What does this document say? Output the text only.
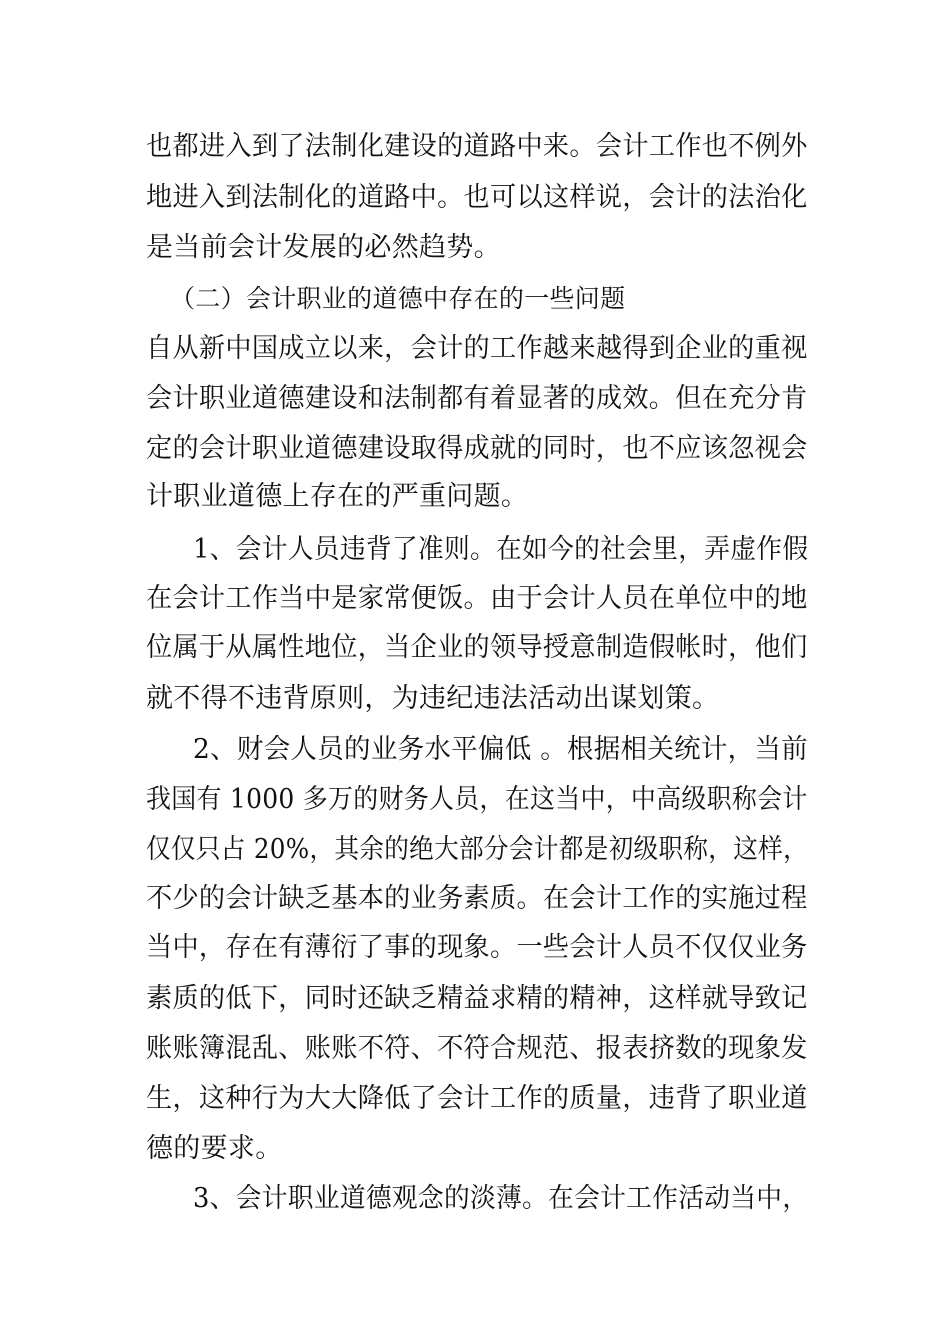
也都进入到了法制化建设的道路中来。会计工作也不例外
地进入到法制化的道路中。也可以这样说，会计的法治化
是当前会计发展的必然趋势。
（二）会计职业的道德中存在的一些问题
自从新中国成立以来，会计的工作越来越得到企业的重视
会计职业道德建设和法制都有着显著的成效。但在充分肯
定的会计职业道德建设取得成就的同时，也不应该忽视会
计职业道德上存在的严重问题。
1、会计人员违背了准则。在如今的社会里，弄虚作假
在会计工作当中是家常便饭。由于会计人员在单位中的地
位属于从属性地位，当企业的领导授意制造假帐时，他们
就不得不违背原则，为违纪违法活动出谋划策。
2、财会人员的业务水平偏低 。根据相关统计，当前
我国有 1000 多万的财务人员，在这当中，中高级职称会计
仅仅只占 20%，其余的绝大部分会计都是初级职称，这样，
不少的会计缺乏基本的业务素质。在会计工作的实施过程
当中，存在有薄衍了事的现象。一些会计人员不仅仅业务
素质的低下，同时还缺乏精益求精的精神，这样就导致记
账账簿混乱、账账不符、不符合规范、报表挤数的现象发
生，这种行为大大降低了会计工作的质量，违背了职业道
德的要求。
3、会计职业道德观念的淡薄。在会计工作活动当中，
